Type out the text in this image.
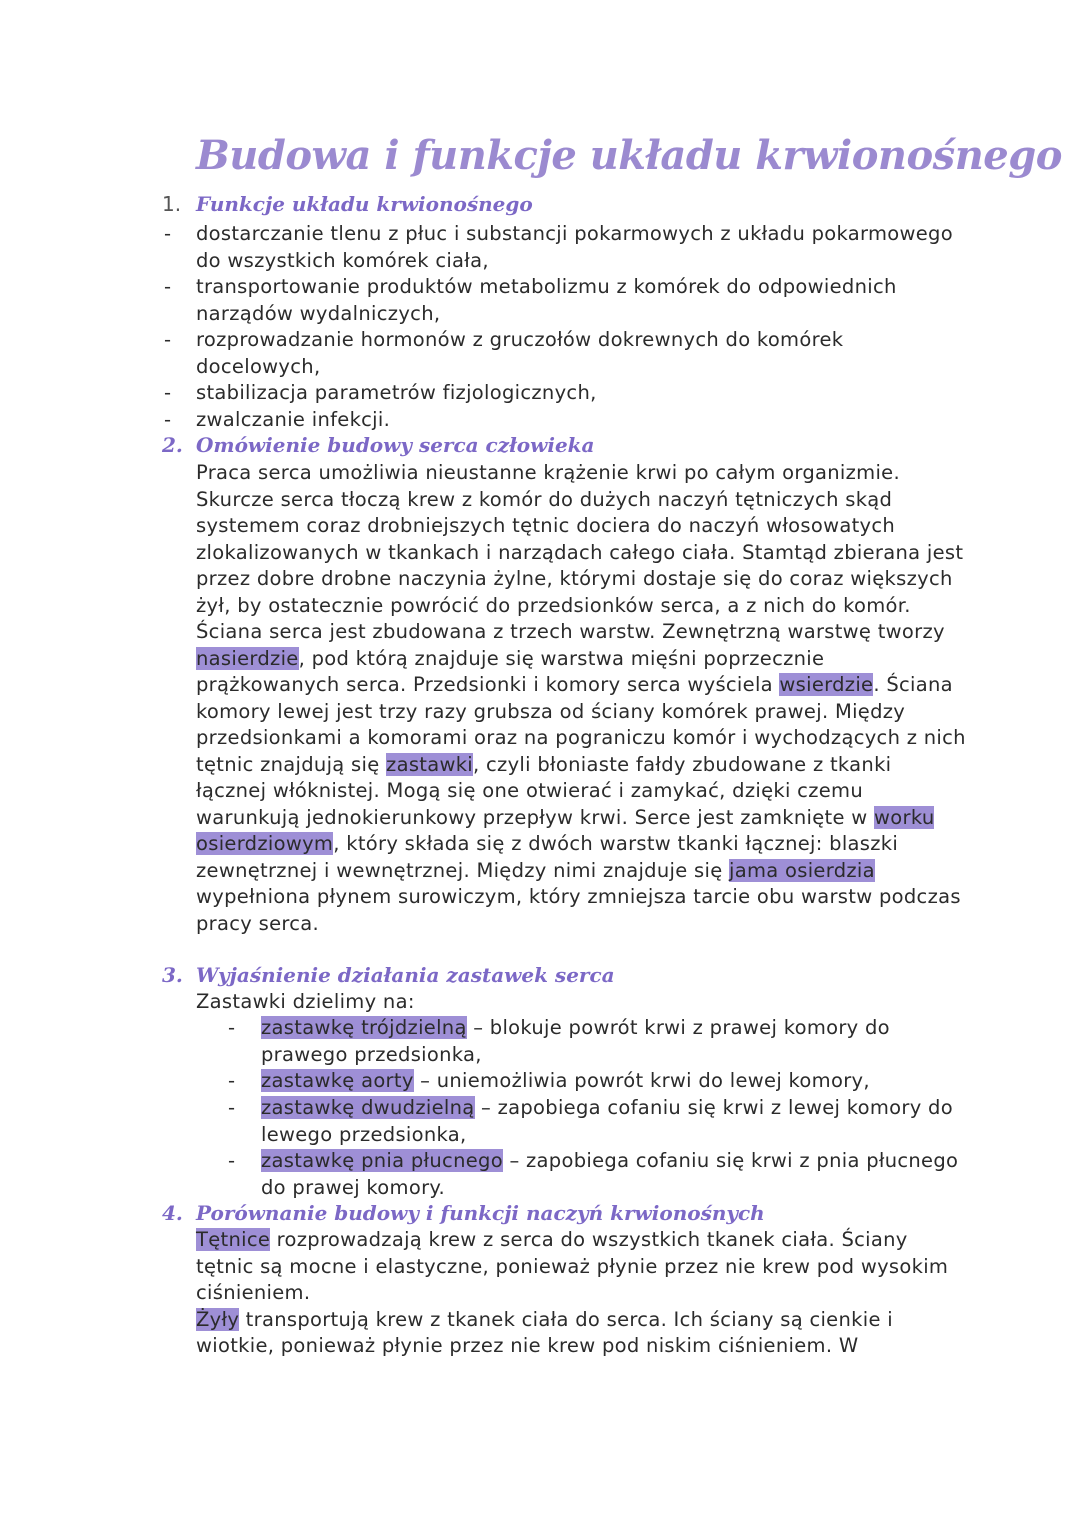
Budowa i funkcje układu krwionośnego
1. Funkcje układu krwionośnego
- dostarczanie tlenu z płuc i substancji pokarmowych z układu pokarmowego do wszystkich komórek ciała,
- transportowanie produktów metabolizmu z komórek do odpowiednich narządów wydalniczych,
- rozprowadzanie hormonów z gruczołów dokrewnych do komórek docelowych,
- stabilizacja parametrów fizjologicznych,
- zwalczanie infekcji.
2. Omówienie budowy serca człowieka

Praca serca umożliwia nieustanne krążenie krwi po całym organizmie. Skurcze serca tłoczą krew z komór do dużych naczyń tętniczych skąd systemem coraz drobniejszych tętnic dociera do naczyń włosowatych zlokalizowanych w tkankach i narządach całego ciała. Stamtąd zbierana jest przez dobre drobne naczynia żylne, którymi dostaje się do coraz większych żył, by ostatecznie powrócić do przedsionków serca, a z nich do komór.

Ściana serca jest zbudowana z trzech warstw. Zewnętrzną warstwę tworzy nasierdzie, pod którą znajduje się warstwa mięśni poprzecznie prążkowanych serca. Przedsionki i komory serca wyściela wsierdzie. Ściana komory lewej jest trzy razy grubsza od ściany komórek prawej. Między przedsionkami a komorami oraz na pograniczu komór i wychodzących z nich tętnic znajdują się zastawki, czyli błoniaste fałdy zbudowane z tkanki łącznej włóknistej. Mogą się one otwierać i zamykać, dzięki czemu warunkują jednokierunkowy przepływ krwi. Serce jest zamknięte w worku osierdziowym, który składa się z dwóch warstw tkanki łącznej: blaszki zewnętrznej i wewnętrznej. Między nimi znajduje się jama osierdzia wypełniona płynem surowiczym, który zmniejsza tarcie obu warstw podczas pracy serca.

3. Wyjaśnienie działania zastawek serca
Zastawki dzielimy na:
- zastawkę trójdzielną – blokuje powrót krwi z prawej komory do prawego przedsionka,
- zastawkę aorty – uniemożliwia powrót krwi do lewej komory,
- zastawkę dwudzielną – zapobiega cofaniu się krwi z lewej komory do lewego przedsionka,
- zastawkę pnia płucnego – zapobiega cofaniu się krwi z pnia płucnego do prawej komory.
4. Porównanie budowy i funkcji naczyń krwionośnych

Tętnice rozprowadzają krew z serca do wszystkich tkanek ciała. Ściany tętnic są mocne i elastyczne, ponieważ płynie przez nie krew pod wysokim ciśnieniem.

Żyły transportują krew z tkanek ciała do serca. Ich ściany są cienkie i wiotkie, ponieważ płynie przez nie krew pod niskim ciśnieniem. W
